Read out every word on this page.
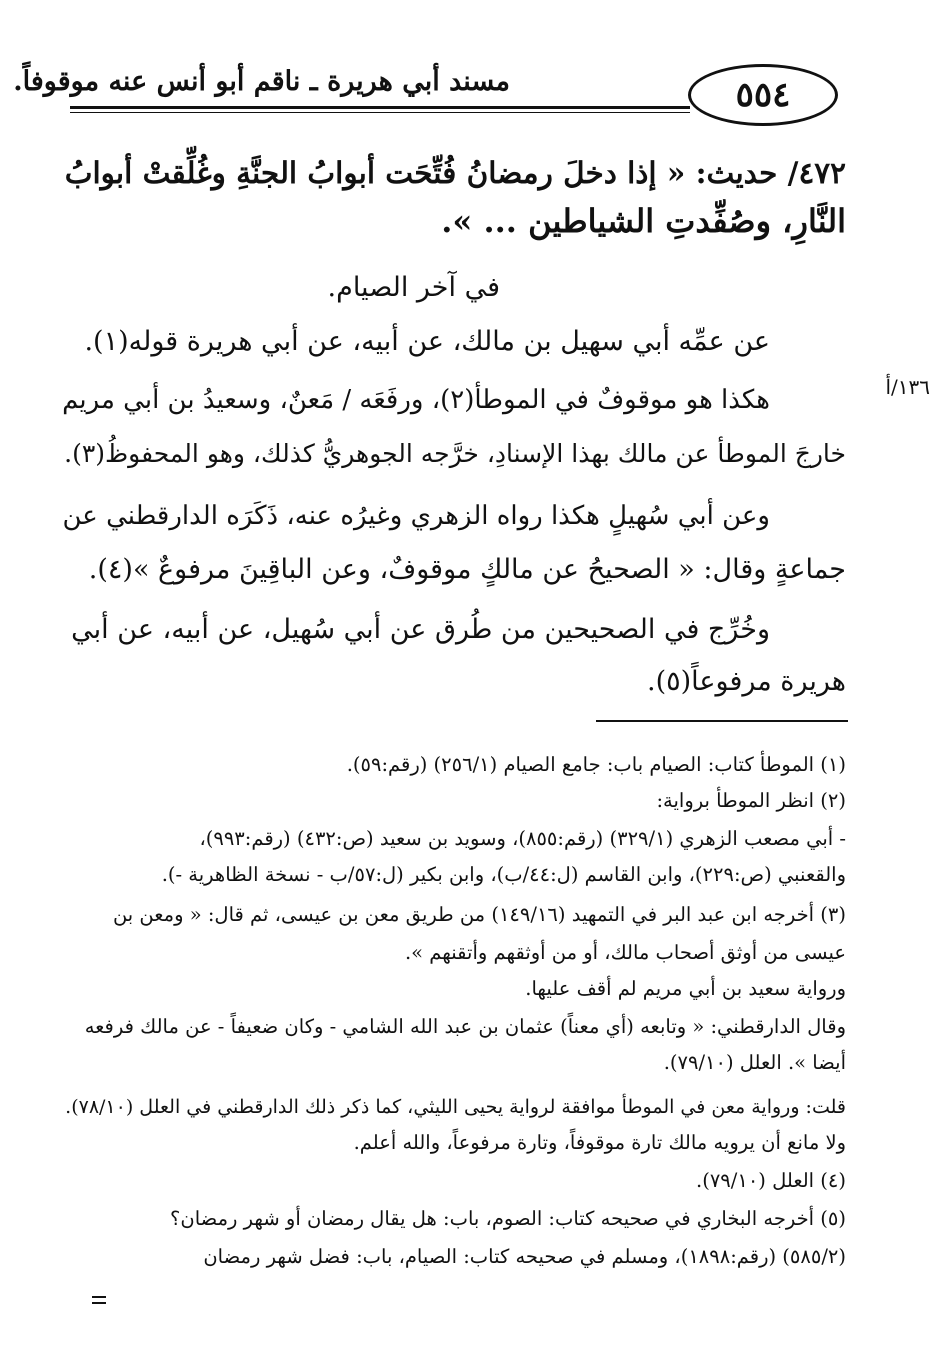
مسند أبي هريرة ـ ناقم أبو أنس عنه موقوفاً.	٥٥٤
١٣٦/أ
٤٧٢/ حديث: « إذا دخلَ رمضانُ فُتِّحَت أبوابُ الجنَّةِ وغُلِّقتْ أبوابُ
النَّارِ، وصُفِّدتِ الشياطين ... ».
في آخر الصيام.
عن عمِّه أبي سهيل بن مالك، عن أبيه، عن أبي هريرة قوله(١).
هكذا هو موقوفٌ في الموطأ(٢)، ورفَعَه / مَعنٌ، وسعيدُ بن أبي مريم
خارجَ الموطأ عن مالك بهذا الإسنادِ، خرَّجه الجوهريُّ كذلك، وهو المحفوظُ(٣).
وعن أبي سُهيلٍ هكذا رواه الزهري وغيرُه عنه، ذَكَرَه الدارقطني عن
جماعةٍ وقال: « الصحيحُ عن مالكٍ موقوفٌ، وعن الباقِينَ مرفوعٌ »(٤).
وخُرِّج في الصحيحين من طُرق عن أبي سُهيل، عن أبيه، عن أبي
هريرة مرفوعاً(٥).
(١) الموطأ كتاب: الصيام باب: جامع الصيام (٢٥٦/١) (رقم:٥٩).
(٢) انظر الموطأ برواية:
- أبي مصعب الزهري (٣٢٩/١) (رقم:٨٥٥)، وسويد بن سعيد (ص:٤٣٢) (رقم:٩٩٣)،
والقعنبي (ص:٢٢٩)، وابن القاسم (ل:٤٤/ب)، وابن بكير (ل:٥٧/ب - نسخة الظاهرية -).
(٣) أخرجه ابن عبد البر في التمهيد (١٤٩/١٦) من طريق معن بن عيسى، ثم قال: « ومعن بن
عيسى من أوثق أصحاب مالك، أو من أوثقهم وأتقنهم ».
ورواية سعيد بن أبي مريم لم أقف عليها.
وقال الدارقطني: « وتابعه (أي معناً) عثمان بن عبد الله الشامي - وكان ضعيفاً - عن مالك فرفعه
أيضا ». العلل (٧٩/١٠).
قلت: ورواية معن في الموطأ موافقة لرواية يحيى الليثي، كما ذكر ذلك الدارقطني في العلل (٧٨/١٠).
ولا مانع أن يرويه مالك تارة موقوفاً، وتارة مرفوعاً، والله أعلم.
(٤) العلل (٧٩/١٠).
(٥) أخرجه البخاري في صحيحه كتاب: الصوم، باب: هل يقال رمضان أو شهر رمضان؟
(٥٨٥/٢) (رقم:١٨٩٨)، ومسلم في صحيحه كتاب: الصيام، باب: فضل شهر رمضان
